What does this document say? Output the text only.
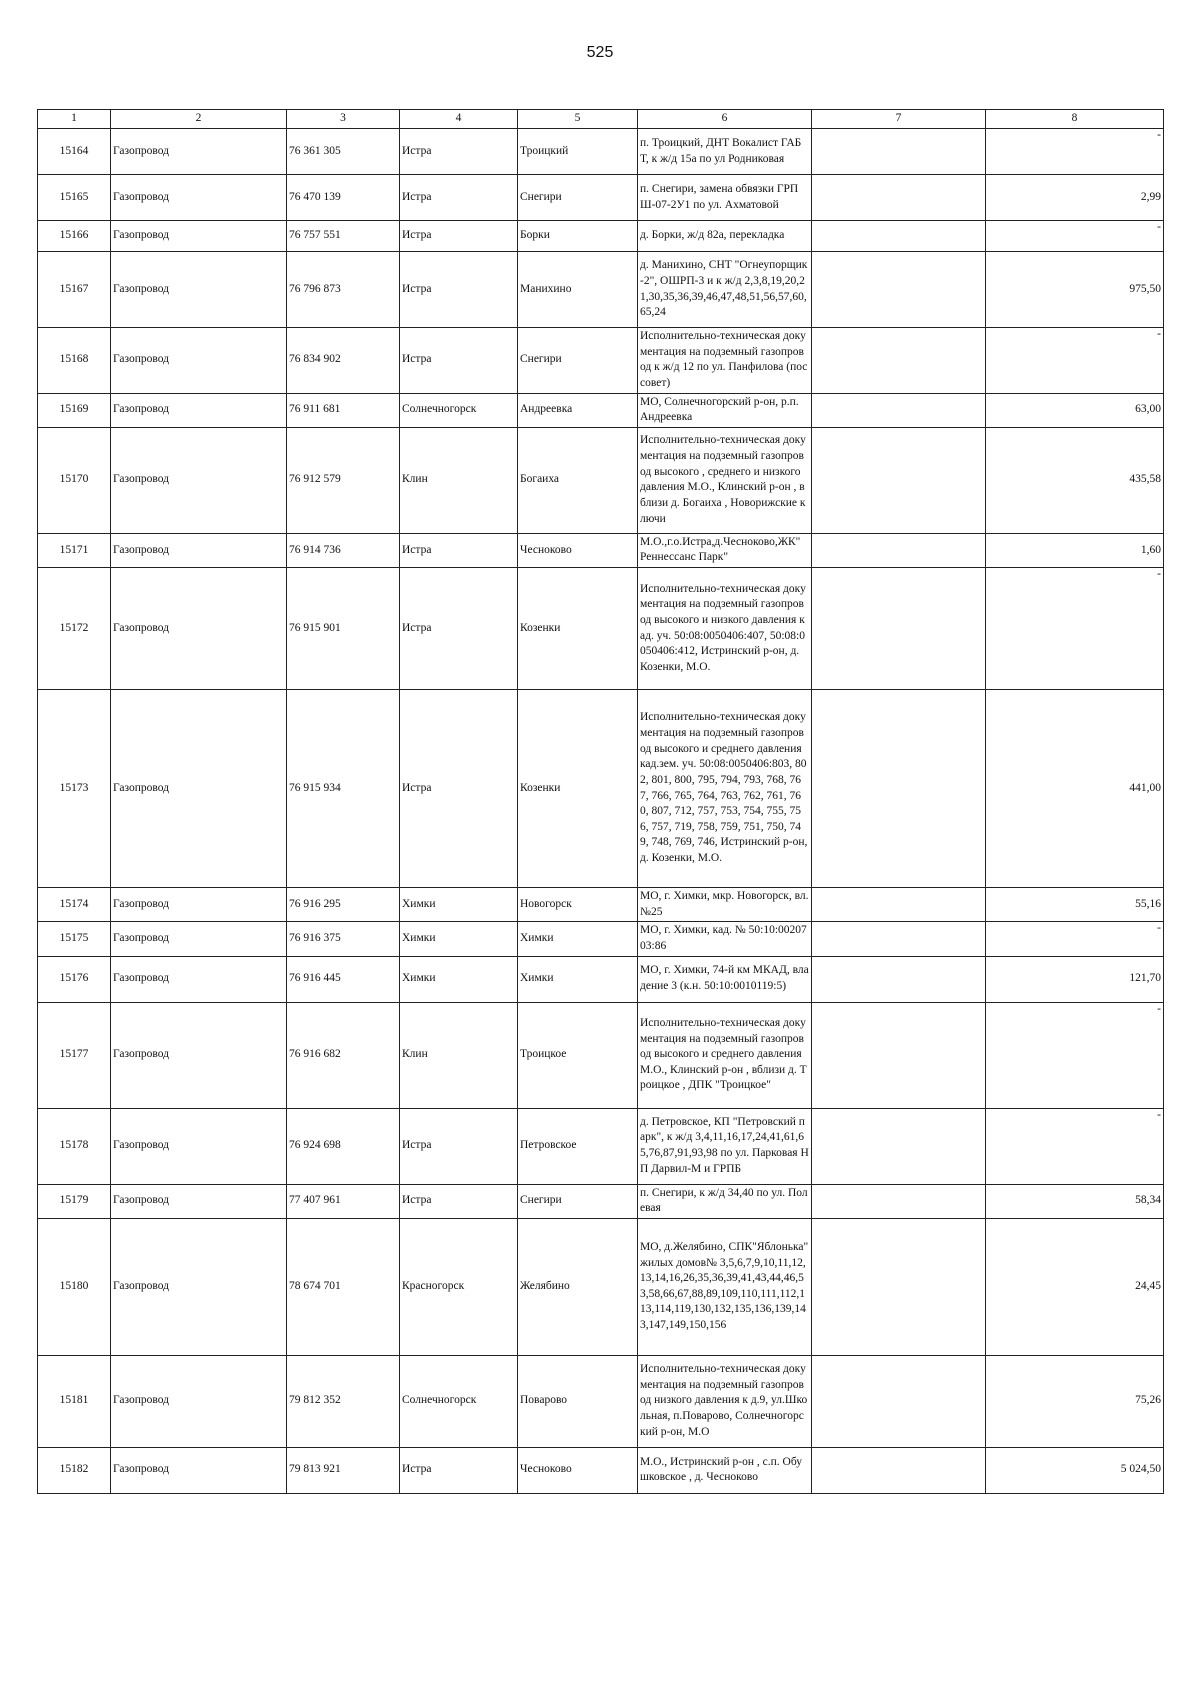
525
1	2	3	4	5	6	7	8
15164	Газопровод	76 361 305	Истра	Троицкий	п. Троицкий, ДНТ Вокалист ГАБТ, к ж/д 15а по ул Родниковая		-

15165	Газопровод	76 470 139	Истра	Снегири	п. Снегири, замена обвязки ГРПШ-07-2У1 по ул. Ахматовой		2,99
15166	Газопровод	76 757 551	Истра	Борки	д. Борки, ж/д 82а, перекладка		-

15167	Газопровод	76 796 873	Истра	Манихино	д. Манихино, СНТ "Огнеупорщик-2", ОШРП-3 и к ж/д 2,3,8,19,20,21,30,35,36,39,46,47,48,51,56,57,60,65,24		975,50
15168	Газопровод	76 834 902	Истра	Снегири	Исполнительно-техническая документация на подземный газопровод к ж/д 12 по ул. Панфилова (поссовет)		-

15169	Газопровод	76 911 681	Солнечногорск	Андреевка	МО, Солнечногорский р-он, р.п. Андреевка		63,00
15170	Газопровод	76 912 579	Клин	Богаиха	Исполнительно-техническая документация на подземный газопровод высокого , среднего и низкого давления М.О., Клинский р-он , вблизи д. Богаиха , Новорижские ключи		435,58
15171	Газопровод	76 914 736	Истра	Чесноково	М.О.,г.о.Истра,д.Чесноково,ЖК" Реннессанс Парк"		1,60
15172	Газопровод	76 915 901	Истра	Козенки	Исполнительно-техническая документация на подземный газопровод высокого и низкого давления кад. уч. 50:08:0050406:407, 50:08:0050406:412, Истринский р-он, д. Козенки, М.О.		-

15173	Газопровод	76 915 934	Истра	Козенки	Исполнительно-техническая документация на подземный газопровод высокого и среднего давления кад.зем. уч. 50:08:0050406:803, 802, 801, 800, 795, 794, 793, 768, 767, 766, 765, 764, 763, 762, 761, 760, 807, 712, 757, 753, 754, 755, 756, 757, 719, 758, 759, 751, 750, 749, 748, 769, 746, Истринский р-он, д. Козенки, М.О.		441,00
15174	Газопровод	76 916 295	Химки	Новогорск	МО, г. Химки, мкр. Новогорск, вл. №25		55,16
15175	Газопровод	76 916 375	Химки	Химки	МО, г. Химки, кад. № 50:10:0020703:86		-

15176	Газопровод	76 916 445	Химки	Химки	МО, г. Химки, 74-й км МКАД, владение 3 (к.н. 50:10:0010119:5)		121,70
15177	Газопровод	76 916 682	Клин	Троицкое	Исполнительно-техническая документация на подземный газопровод высокого и среднего давления М.О., Клинский р-он , вблизи д. Троицкое , ДПК "Троицкое"		-

15178	Газопровод	76 924 698	Истра	Петровское	д. Петровское, КП "Петровский парк", к ж/д 3,4,11,16,17,24,41,61,65,76,87,91,93,98 по ул. Парковая НП Дарвил-М и ГРПБ		-

15179	Газопровод	77 407 961	Истра	Снегири	п. Снегири, к ж/д 34,40 по ул. Полевая		58,34
15180	Газопровод	78 674 701	Красногорск	Желябино	МО, д.Желябино, СПК"Яблонька" жилых домов№ 3,5,6,7,9,10,11,12,13,14,16,26,35,36,39,41,43,44,46,53,58,66,67,88,89,109,110,111,112,113,114,119,130,132,135,136,139,143,147,149,150,156		24,45
15181	Газопровод	79 812 352	Солнечногорск	Поварово	Исполнительно-техническая документация на подземный газопровод низкого давления к д.9, ул.Школьная, п.Поварово, Солнечногорский р-он, М.О		75,26
15182	Газопровод	79 813 921	Истра	Чесноково	М.О., Истринский р-он , с.п. Обушковское , д. Чесноково		5 024,50
